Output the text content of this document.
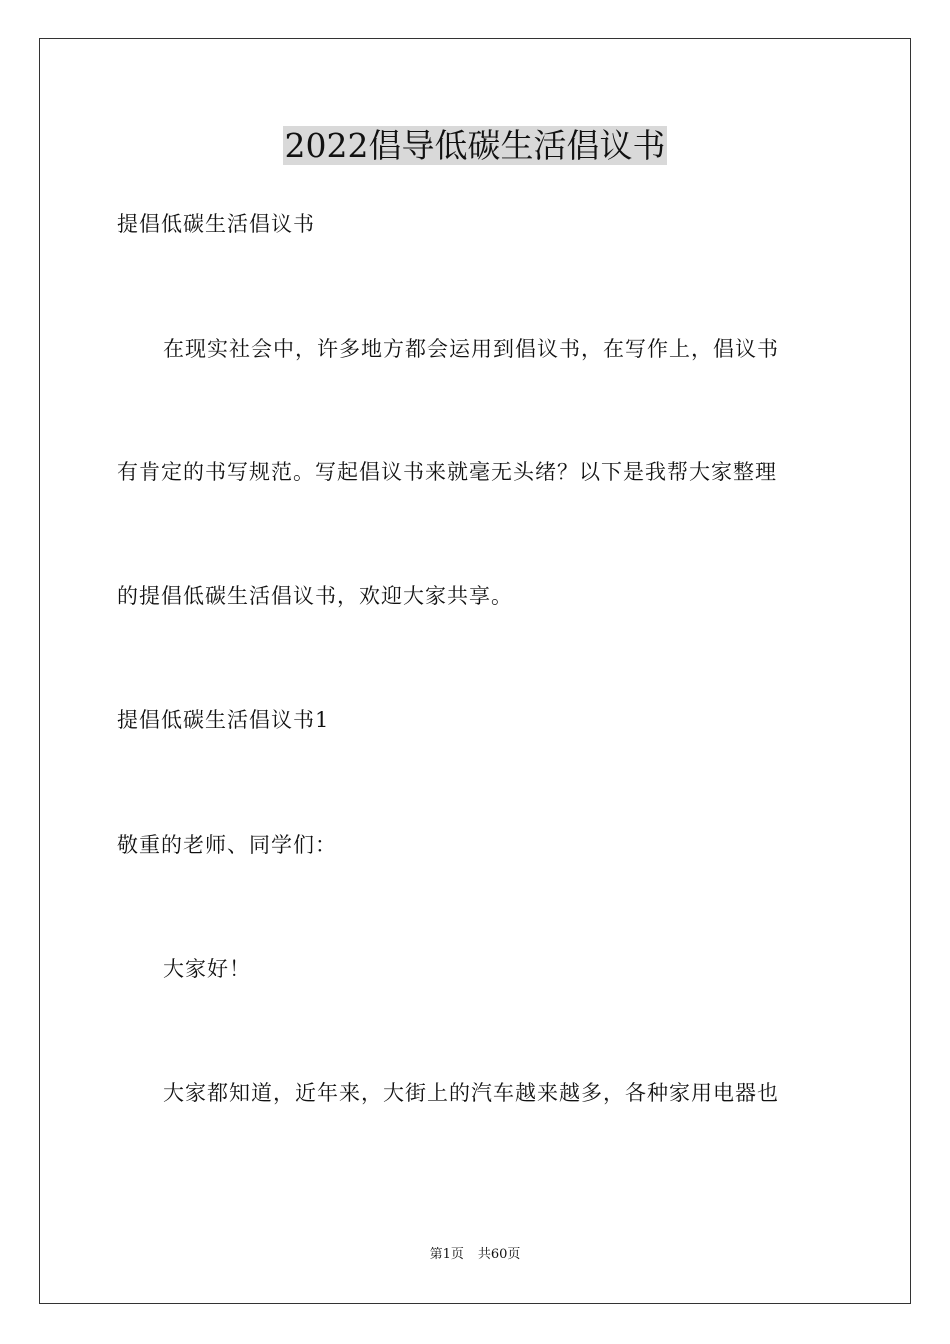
2022倡导低碳生活倡议书
提倡低碳生活倡议书
在现实社会中，许多地方都会运用到倡议书，在写作上，倡议书
有肯定的书写规范。写起倡议书来就毫无头绪？以下是我帮大家整理
的提倡低碳生活倡议书，欢迎大家共享。
提倡低碳生活倡议书1
敬重的老师、同学们：
大家好！
大家都知道，近年来，大街上的汽车越来越多，各种家用电器也
第1页 共60页
